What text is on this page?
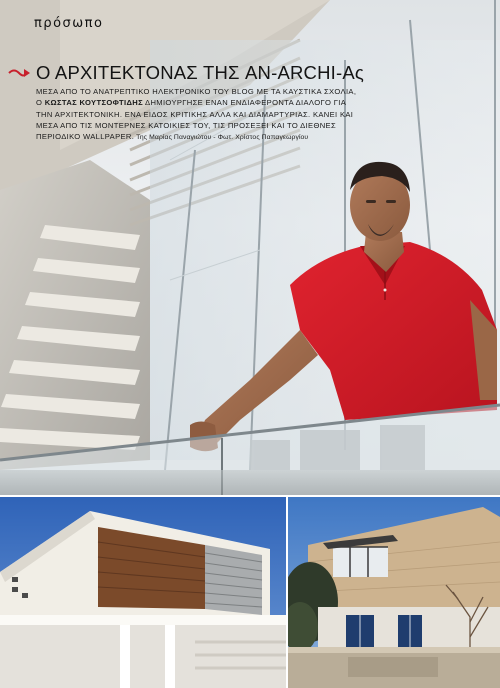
πρόσωπο
Ο ΑΡΧΙΤΕΚΤΟΝΑΣ ΤΗΣ AN-ARCHI-Aς
ΜΕΣΑ ΑΠΟ ΤΟ ΑΝΑΤΡΕΠΤΙΚΟ ΗΛΕΚΤΡΟΝΙΚΟ ΤΟΥ BLOG ΜΕ ΤΑ ΚΑΥΣΤΙΚΑ ΣΧΟΛΙΑ,
Ο ΚΩΣΤΑΣ ΚΟΥΤΣΟΦΤΙΔΗΣ ΔΗΜΙΟΥΡΓΗΣΕ ΕΝΑΝ ΕΝΔΙΑΦΕΡΟΝΤΑ ΔΙΑΛΟΓΟ ΓΙΑ
ΤΗΝ ΑΡΧΙΤΕΚΤΟΝΙΚΗ. ΕΝΑ ΕΙΔΟΣ ΚΡΙΤΙΚΗΣ ΑΛΛΑ ΚΑΙ ΔΙΑΜΑΡΤΥΡΙΑΣ. ΚΑΝΕΙ ΚΑΙ
ΜΕΣΑ ΑΠΟ ΤΙΣ ΜΟΝΤΕΡΝΕΣ ΚΑΤΟΙΚΙΕΣ ΤΟΥ, ΤΙΣ ΠΡΟΣΕΞΕΙ ΚΑΙ ΤΟ ΔΙΕΘΝΕΣ
ΠΕΡΙΟΔΙΚΟ WALLPAPER. Της Μαρίας Παναγιώτου - Φωτ. Χρίστος Παπαγεωργίου
